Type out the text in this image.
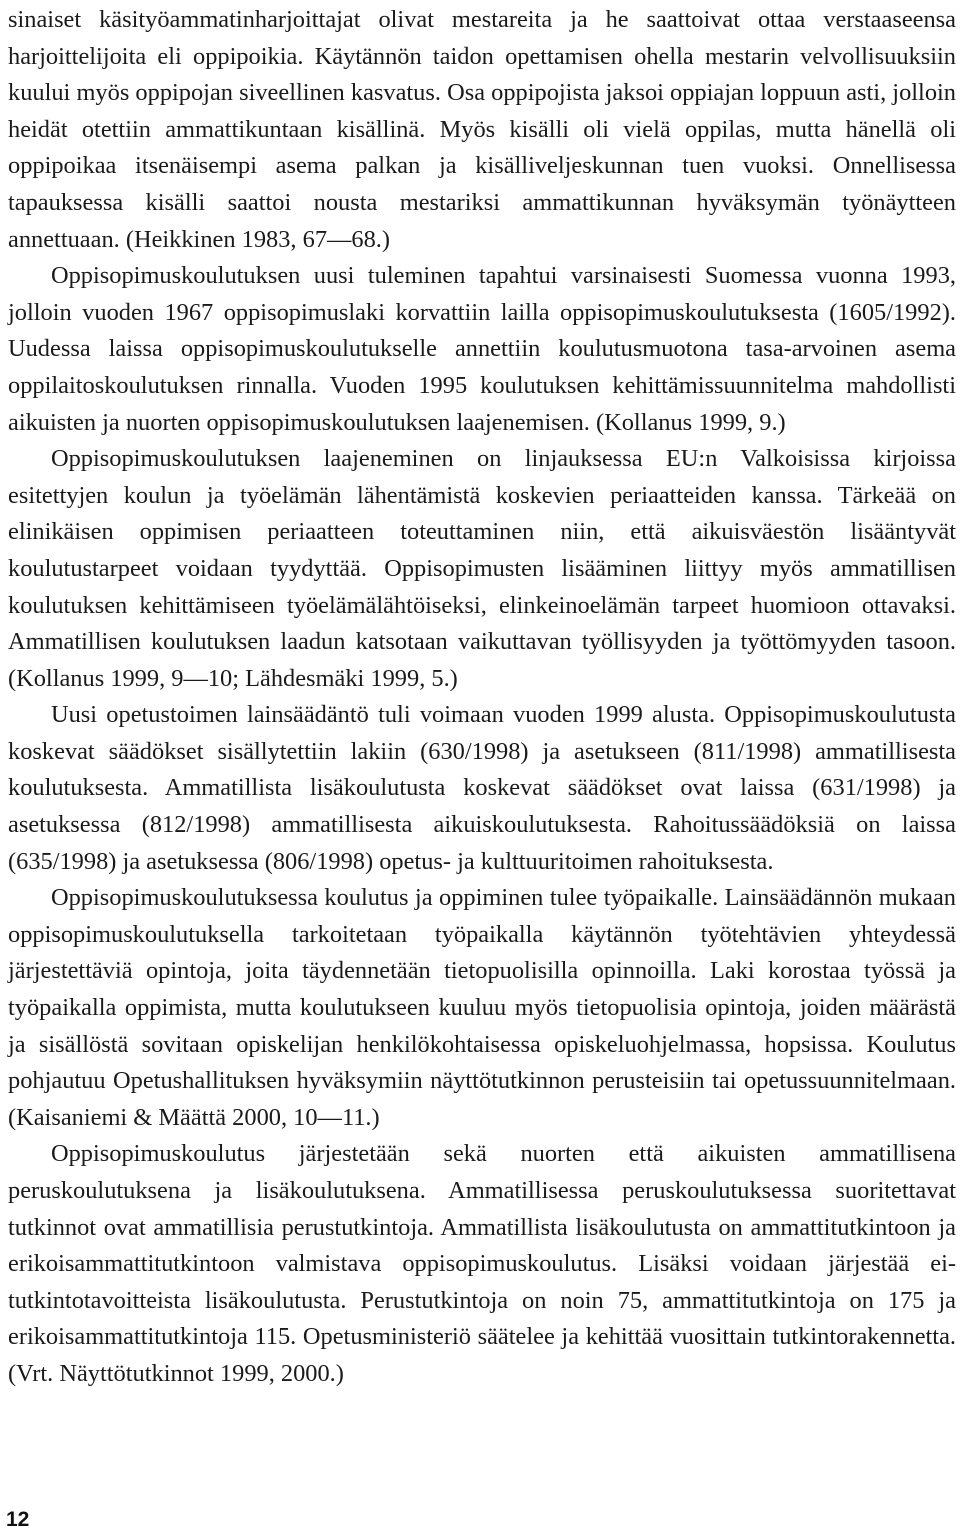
sinaiset käsityöammatinharjoittajat olivat mestareita ja he saattoivat ottaa verstaaseensa harjoittelijoita eli oppipoikia. Käytännön taidon opettamisen ohella mestarin velvollisuuksiin kuului myös oppipojan siveellinen kasvatus. Osa oppipojista jaksoi oppiajan loppuun asti, jolloin heidät otettiin ammattikuntaan kisällinä. Myös kisälli oli vielä oppilas, mutta hänellä oli oppipoikaa itsenäisempi asema palkan ja kisälliveljeskunnan tuen vuoksi. Onnellisessa tapauksessa kisälli saattoi nousta mestariksi ammattikunnan hyväksymän työnäytteen annettuaan. (Heikkinen 1983, 67—68.)

Oppisopimuskoulutuksen uusi tuleminen tapahtui varsinaisesti Suomessa vuonna 1993, jolloin vuoden 1967 oppisopimuslaki korvattiin lailla oppisopimuskoulutuksesta (1605/1992). Uudessa laissa oppisopimuskoulutukselle annettiin koulutusmuotona tasa-arvoinen asema oppilaitoskoulutuksen rinnalla. Vuoden 1995 koulutuksen kehittämissuunnitelma mahdollisti aikuisten ja nuorten oppisopimuskoulutuksen laajenemisen. (Kollanus 1999, 9.)

Oppisopimuskoulutuksen laajeneminen on linjauksessa EU:n Valkoisissa kirjoissa esitettyjen koulun ja työelämän lähentämistä koskevien periaatteiden kanssa. Tärkeää on elinikäisen oppimisen periaatteen toteuttaminen niin, että aikuisväestön lisääntyvät koulutustarpeet voidaan tyydyttää. Oppisopimusten lisääminen liittyy myös ammatillisen koulutuksen kehittämiseen työelämälähtöiseksi, elinkeinoelämän tarpeet huomioon ottavaksi. Ammatillisen koulutuksen laadun katsotaan vaikuttavan työllisyyden ja työttömyyden tasoon. (Kollanus 1999, 9—10; Lähdesmäki 1999, 5.)

Uusi opetustoimen lainsäädäntö tuli voimaan vuoden 1999 alusta. Oppisopimuskoulutusta koskevat säädökset sisällytettiin lakiin (630/1998) ja asetukseen (811/1998) ammatillisesta koulutuksesta. Ammatillista lisäkoulutusta koskevat säädökset ovat laissa (631/1998) ja asetuksessa (812/1998) ammatillisesta aikuiskoulutuksesta. Rahoitussäädöksiä on laissa (635/1998) ja asetuksessa (806/1998) opetus- ja kulttuuritoimen rahoituksesta.

Oppisopimuskoulutuksessa koulutus ja oppiminen tulee työpaikalle. Lainsäädännön mukaan oppisopimuskoulutuksella tarkoitetaan työpaikalla käytännön työtehtävien yhteydessä järjestettäviä opintoja, joita täydennetään tietopuolisilla opinnoilla. Laki korostaa työssä ja työpaikalla oppimista, mutta koulutukseen kuuluu myös tietopuolisia opintoja, joiden määrästä ja sisällöstä sovitaan opiskelijan henkilökohtaisessa opiskeluohjelmassa, hopsissa. Koulutus pohjautuu Opetushallituksen hyväksymiin näyttötutkinnon perusteisiin tai opetussuunnitelmaan. (Kaisaniemi & Määttä 2000, 10—11.)

Oppisopimuskoulutus järjestetään sekä nuorten että aikuisten ammatillisena peruskoulutuksena ja lisäkoulutuksena. Ammatillisessa peruskoulutuksessa suoritettavat tutkinnot ovat ammatillisia perustutkintoja. Ammatillista lisäkoulutusta on ammattitutkintoon ja erikoisammattitutkintoon valmistava oppisopimuskoulutus. Lisäksi voidaan järjestää ei-tutkintotavoitteista lisäkoulutusta. Perustutkintoja on noin 75, ammattitutkintoja on 175 ja erikoisammattitutkintoja 115. Opetusministeriö säätelee ja kehittää vuosittain tutkintorakennetta. (Vrt. Näyttötutkinnot 1999, 2000.)

12
